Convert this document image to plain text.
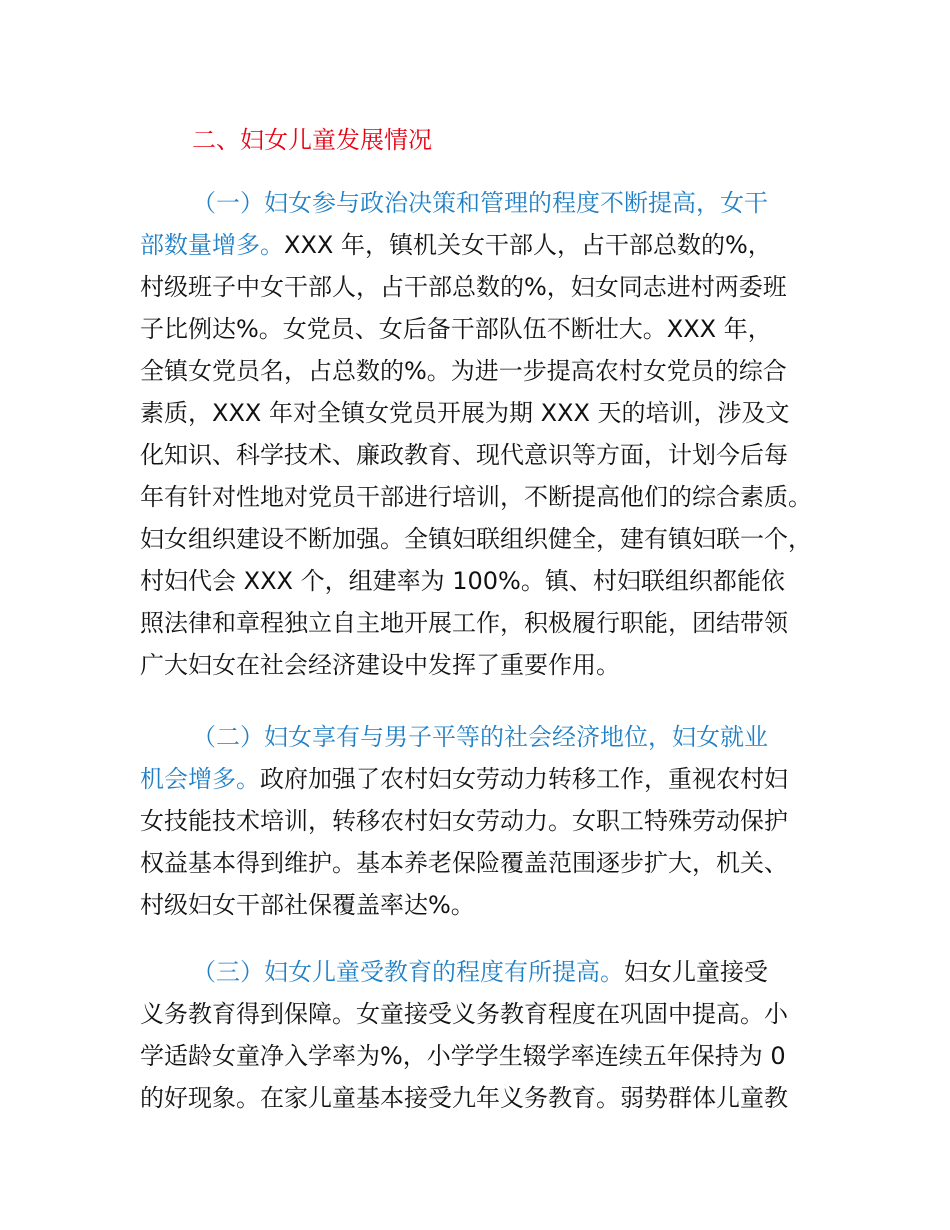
二、妇女儿童发展情况
（一）妇女参与政治决策和管理的程度不断提高，女干
部数量增多。XXX 年，镇机关女干部人，占干部总数的%，
村级班子中女干部人，占干部总数的%，妇女同志进村两委班
子比例达%。女党员、女后备干部队伍不断壮大。XXX 年，
全镇女党员名，占总数的%。为进一步提高农村女党员的综合
素质，XXX 年对全镇女党员开展为期 XXX 天的培训，涉及文
化知识、科学技术、廉政教育、现代意识等方面，计划今后每
年有针对性地对党员干部进行培训，不断提高他们的综合素质。
妇女组织建设不断加强。全镇妇联组织健全，建有镇妇联一个，
村妇代会 XXX 个，组建率为 100%。镇、村妇联组织都能依
照法律和章程独立自主地开展工作，积极履行职能，团结带领
广大妇女在社会经济建设中发挥了重要作用。
（二）妇女享有与男子平等的社会经济地位，妇女就业
机会增多。政府加强了农村妇女劳动力转移工作，重视农村妇
女技能技术培训，转移农村妇女劳动力。女职工特殊劳动保护
权益基本得到维护。基本养老保险覆盖范围逐步扩大，机关、
村级妇女干部社保覆盖率达%。
（三）妇女儿童受教育的程度有所提高。妇女儿童接受
义务教育得到保障。女童接受义务教育程度在巩固中提高。小
学适龄女童净入学率为%，小学学生辍学率连续五年保持为 0
的好现象。在家儿童基本接受九年义务教育。弱势群体儿童教
